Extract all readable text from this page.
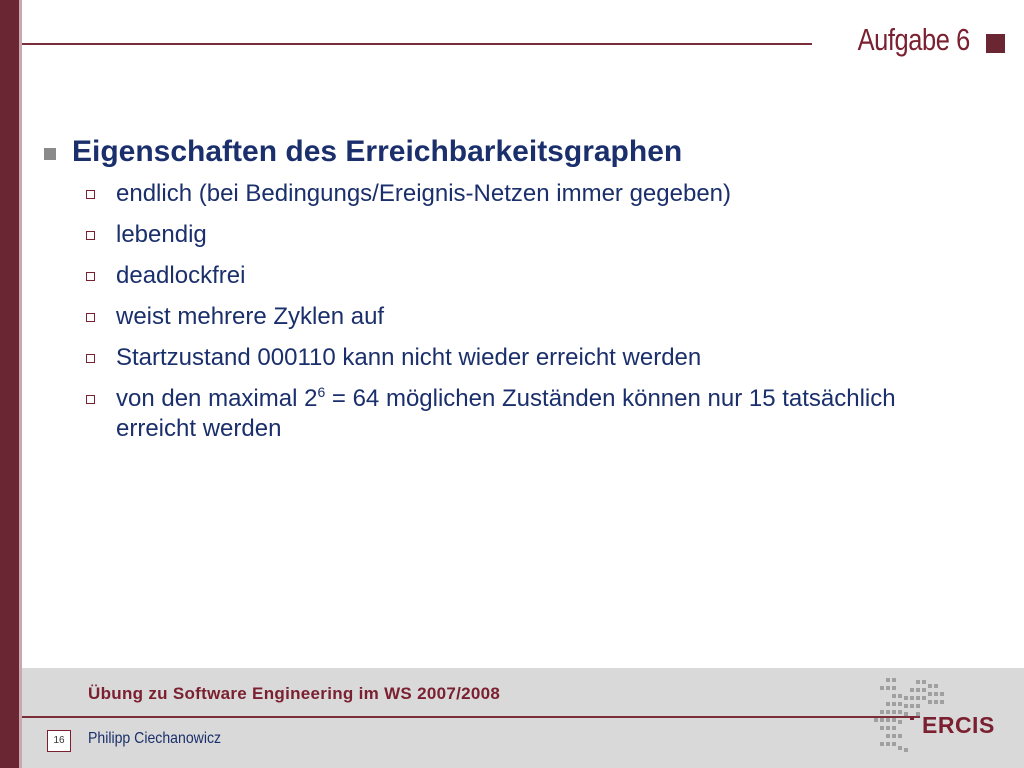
Aufgabe 6
Eigenschaften des Erreichbarkeitsgraphen
endlich (bei Bedingungs/Ereignis-Netzen immer gegeben)
lebendig
deadlockfrei
weist mehrere Zyklen auf
Startzustand 000110 kann nicht wieder erreicht werden
von den maximal $2^6 = 64$ möglichen Zuständen können nur 15 tatsächlich erreicht werden
Übung zu Software Engineering im WS 2007/2008
16	Philipp Ciechanowicz
ERCIS
